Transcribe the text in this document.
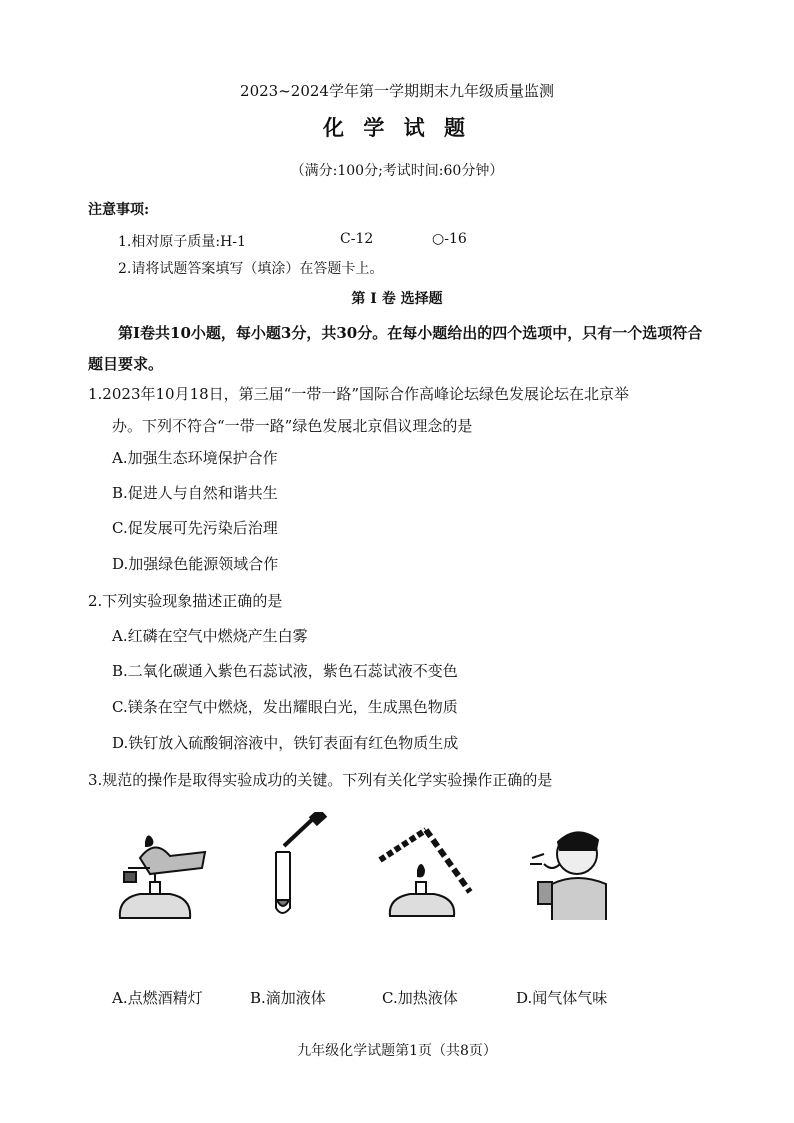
2023~2024学年第一学期期末九年级质量监测
化 学 试 题
（满分:100分;考试时间:60分钟）
注意事项:
1.相对原子质量:H-1	C-12	○-16
2.请将试题答案填写（填涂）在答题卡上。
第 I 卷 选择题
第Ⅰ卷共10小题，每小题3分，共30分。在每小题给出的四个选项中，只有一个选项符合题目要求。
1.2023年10月18日，第三届“一带一路”国际合作高峰论坛绿色发展论坛在北京举
办。下列不符合“一带一路”绿色发展北京倡议理念的是
A.加强生态环境保护合作
B.促进人与自然和谐共生
C.促发展可先污染后治理
D.加强绿色能源领域合作
2.下列实验现象描述正确的是
A.红磷在空气中燃烧产生白雾
B.二氧化碳通入紫色石蕊试液，紫色石蕊试液不变色
C.镁条在空气中燃烧，发出耀眼白光，生成黑色物质
D.铁钉放入硫酸铜溶液中，铁钉表面有红色物质生成
3.规范的操作是取得实验成功的关键。下列有关化学实验操作正确的是
A.点燃酒精灯	B.滴加液体	C.加热液体	D.闻气体气味
九年级化学试题第1页（共8页）
